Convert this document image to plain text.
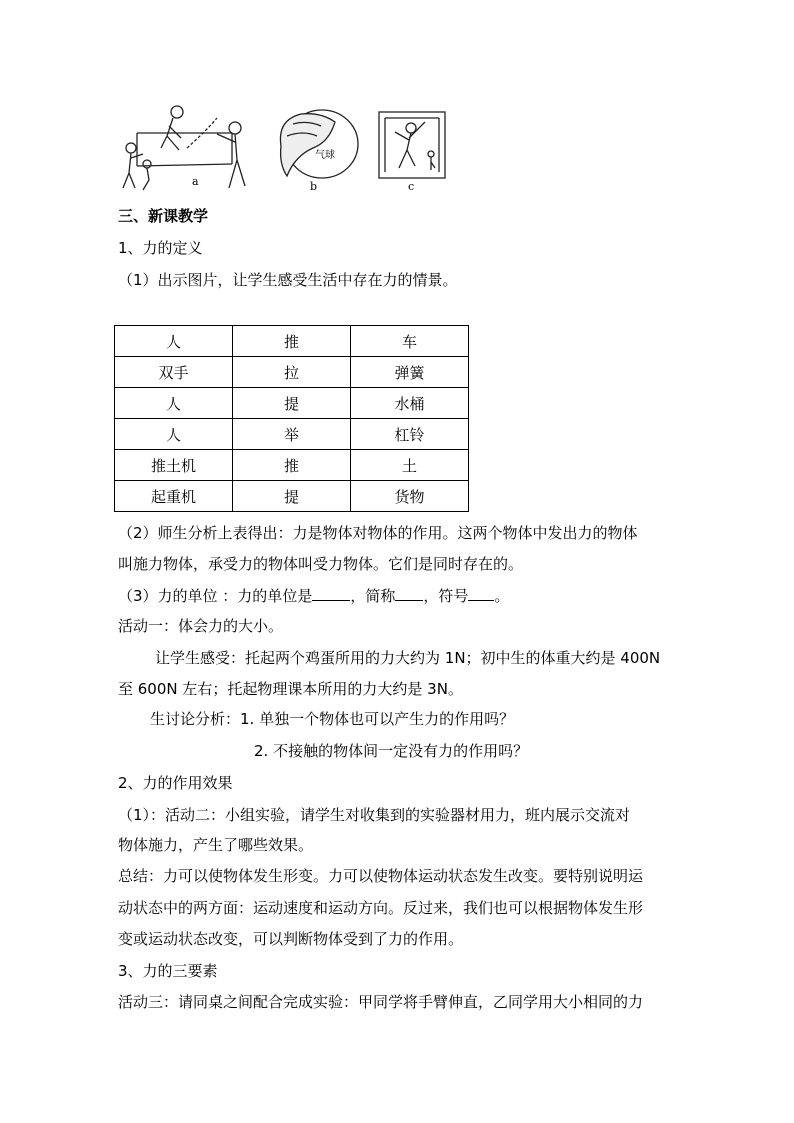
a	b	c
气球
三、新课教学
1、力的定义
（1）出示图片，让学生感受生活中存在力的情景。
人	推	车
双手	拉	弹簧
人	提	水桶
人	举	杠铃
推土机	推	土
起重机	提	货物
（2）师生分析上表得出：力是物体对物体的作用。这两个物体中发出力的物体
叫施力物体，承受力的物体叫受力物体。它们是同时存在的。
（3）力的单位 ：力的单位是	，简称 ，符号 。
活动一：体会力的大小。
让学生感受：托起两个鸡蛋所用的力大约为 1N；初中生的体重大约是 400N
至 600N 左右；托起物理课本所用的力大约是 3N。
生讨论分析：1. 单独一个物体也可以产生力的作用吗？
2. 不接触的物体间一定没有力的作用吗？
2、力的作用效果
（1）：活动二：小组实验，请学生对收集到的实验器材用力，班内展示交流对
物体施力，产生了哪些效果。
总结：力可以使物体发生形变。力可以使物体运动状态发生改变。要特别说明运
动状态中的两方面：运动速度和运动方向。反过来，我们也可以根据物体发生形
变或运动状态改变，可以判断物体受到了力的作用。
3、力的三要素
活动三：请同桌之间配合完成实验：甲同学将手臂伸直，乙同学用大小相同的力
